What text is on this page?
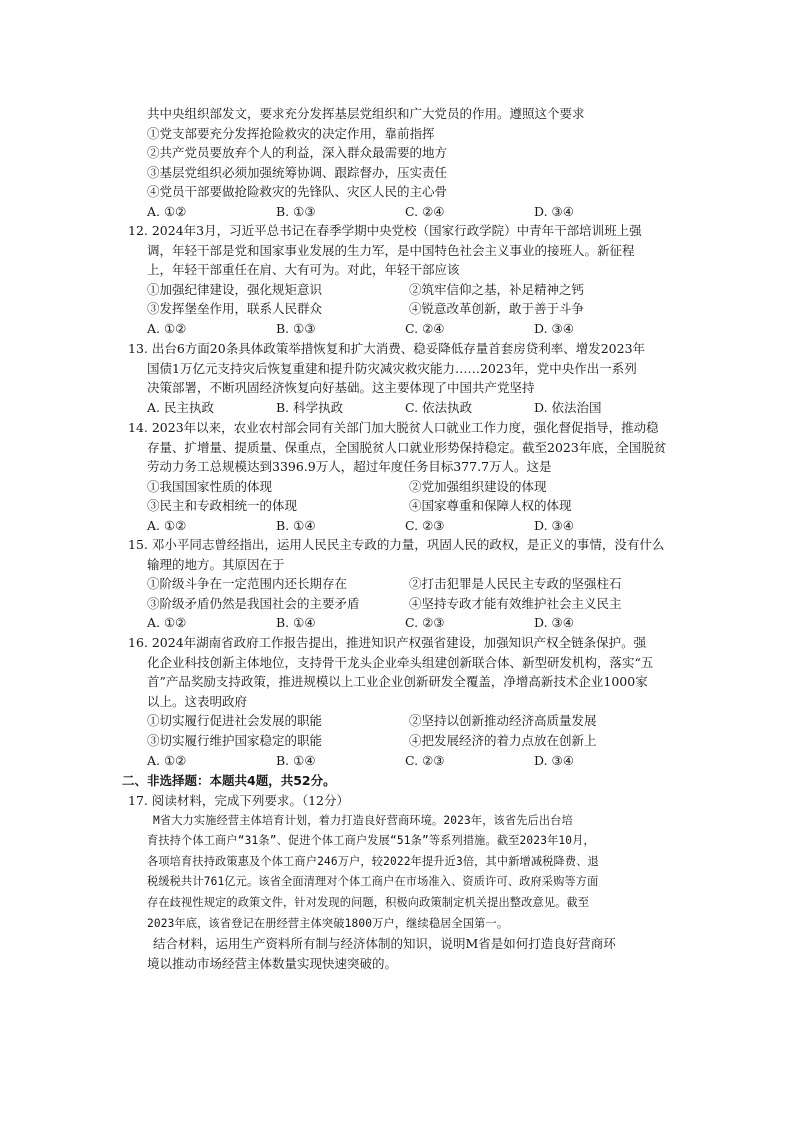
共中央组织部发文，要求充分发挥基层党组织和广大党员的作用。遵照这个要求
①党支部要充分发挥抢险救灾的决定作用，靠前指挥
②共产党员要放弃个人的利益，深入群众最需要的地方
③基层党组织必须加强统筹协调、跟踪督办，压实责任
④党员干部要做抢险救灾的先锋队、灾区人民的主心骨
A. ①②	B. ①③	C. ②④	D. ③④
12. 2024年3月，习近平总书记在春季学期中央党校（国家行政学院）中青年干部培训班上强
调，年轻干部是党和国家事业发展的生力军，是中国特色社会主义事业的接班人。新征程
上，年轻干部重任在肩、大有可为。对此，年轻干部应该
①加强纪律建设，强化规矩意识	②筑牢信仰之基，补足精神之钙
③发挥堡垒作用，联系人民群众	④锐意改革创新，敢于善于斗争
A. ①②	B. ①③	C. ②④	D. ③④
13. 出台6方面20条具体政策举措恢复和扩大消费、稳妥降低存量首套房贷利率、增发2023年
国债1万亿元支持灾后恢复重建和提升防灾减灾救灾能力……2023年，党中央作出一系列
决策部署，不断巩固经济恢复向好基础。这主要体现了中国共产党坚持
A. 民主执政	B. 科学执政	C. 依法执政	D. 依法治国
14. 2023年以来，农业农村部会同有关部门加大脱贫人口就业工作力度，强化督促指导，推动稳
存量、扩增量、提质量、保重点，全国脱贫人口就业形势保持稳定。截至2023年底，全国脱贫
劳动力务工总规模达到3396.9万人，超过年度任务目标377.7万人。这是
①我国国家性质的体现	②党加强组织建设的体现
③民主和专政相统一的体现	④国家尊重和保障人权的体现
A. ①②	B. ①④	C. ②③	D. ③④
15. 邓小平同志曾经指出，运用人民民主专政的力量，巩固人民的政权，是正义的事情，没有什么
输理的地方。其原因在于
①阶级斗争在一定范围内还长期存在	②打击犯罪是人民民主专政的坚强柱石
③阶级矛盾仍然是我国社会的主要矛盾	④坚持专政才能有效维护社会主义民主
A. ①②	B. ①④	C. ②③	D. ③④
16. 2024年湖南省政府工作报告提出，推进知识产权强省建设，加强知识产权全链条保护。强
化企业科技创新主体地位，支持骨干龙头企业牵头组建创新联合体、新型研发机构，落实“五
首”产品奖励支持政策，推进规模以上工业企业创新研发全覆盖，净增高新技术企业1000家
以上。这表明政府
①切实履行促进社会发展的职能	②坚持以创新推动经济高质量发展
③切实履行维护国家稳定的职能	④把发展经济的着力点放在创新上
A. ①②	B. ①④	C. ②③	D. ③④
二、非选择题：本题共4题，共52分。
17. 阅读材料，完成下列要求。（12分）
M省大力实施经营主体培育计划，着力打造良好营商环境。2023年，该省先后出台培
育扶持个体工商户“31条”、促进个体工商户发展“51条”等系列措施。截至2023年10月，
各项培育扶持政策惠及个体工商户246万户，较2022年提升近3倍，其中新增减税降费、退
税缓税共计761亿元。该省全面清理对个体工商户在市场准入、资质许可、政府采购等方面
存在歧视性规定的政策文件，针对发现的问题，积极向政策制定机关提出整改意见。截至
2023年底，该省登记在册经营主体突破1800万户，继续稳居全国第一。
结合材料，运用生产资料所有制与经济体制的知识，说明M省是如何打造良好营商环
境以推动市场经营主体数量实现快速突破的。
